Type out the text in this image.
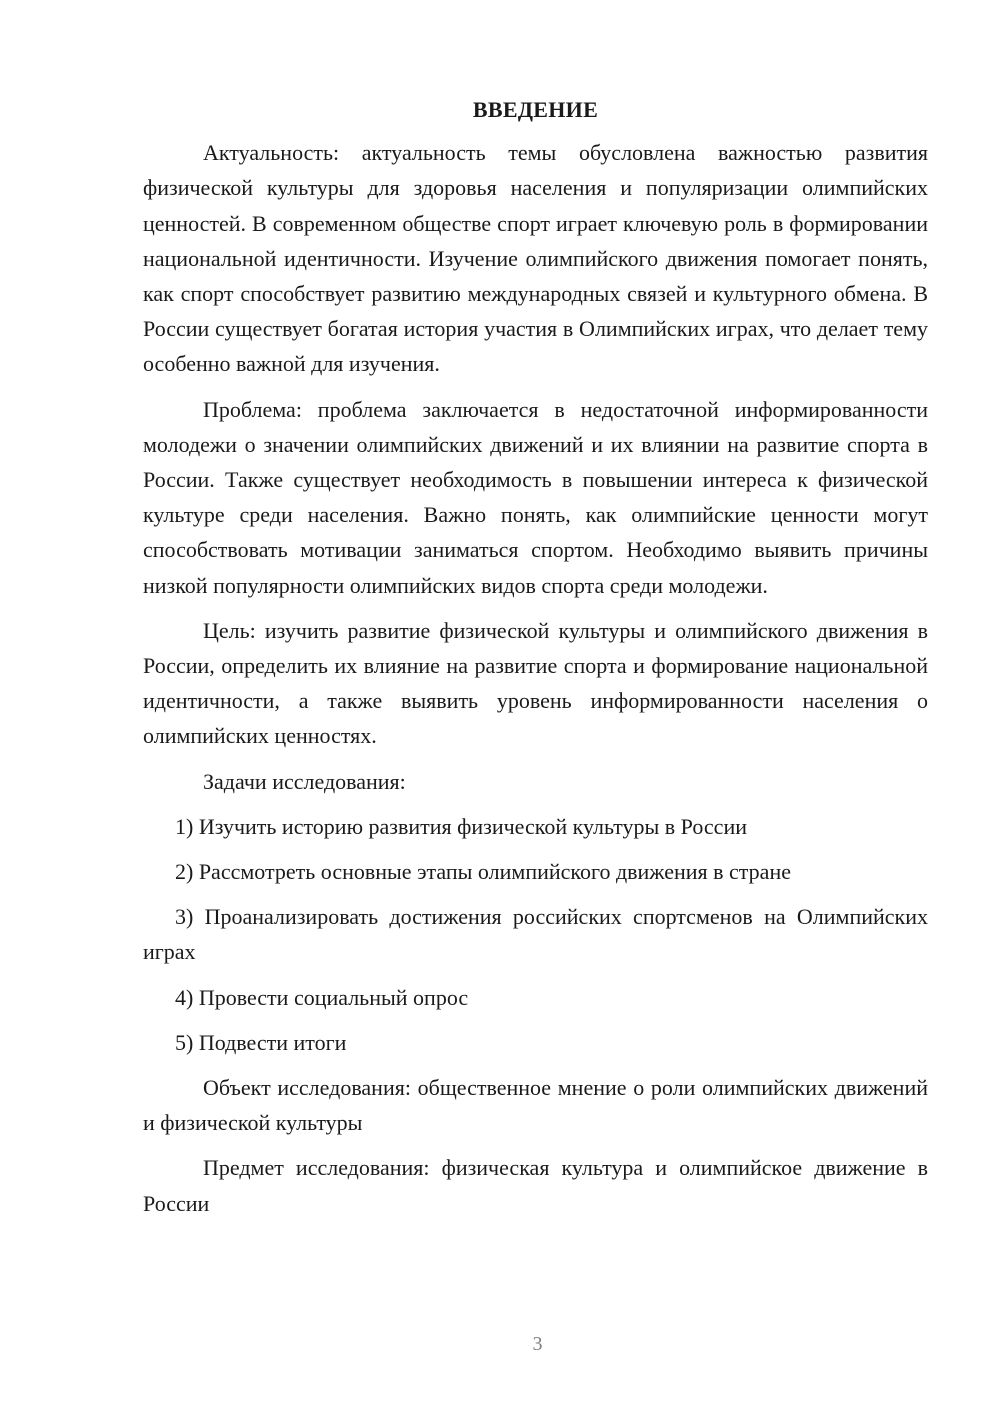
ВВЕДЕНИЕ

Актуальность: актуальность темы обусловлена важностью развития физической культуры для здоровья населения и популяризации олимпийских ценностей. В современном обществе спорт играет ключевую роль в формировании национальной идентичности. Изучение олимпийского движения помогает понять, как спорт способствует развитию международных связей и культурного обмена. В России существует богатая история участия в Олимпийских играх, что делает тему особенно важной для изучения.

Проблема: проблема заключается в недостаточной информированности молодежи о значении олимпийских движений и их влиянии на развитие спорта в России. Также существует необходимость в повышении интереса к физической культуре среди населения. Важно понять, как олимпийские ценности могут способствовать мотивации заниматься спортом. Необходимо выявить причины низкой популярности олимпийских видов спорта среди молодежи.

Цель: изучить развитие физической культуры и олимпийского движения в России, определить их влияние на развитие спорта и формирование национальной идентичности, а также выявить уровень информированности населения о олимпийских ценностях.

Задачи исследования:

1) Изучить историю развития физической культуры в России

2) Рассмотреть основные этапы олимпийского движения в стране

3) Проанализировать достижения российских спортсменов на Олимпийских играх

4) Провести социальный опрос

5) Подвести итоги

Объект исследования: общественное мнение о роли олимпийских движений и физической культуры

Предмет исследования: физическая культура и олимпийское движение в России

3
